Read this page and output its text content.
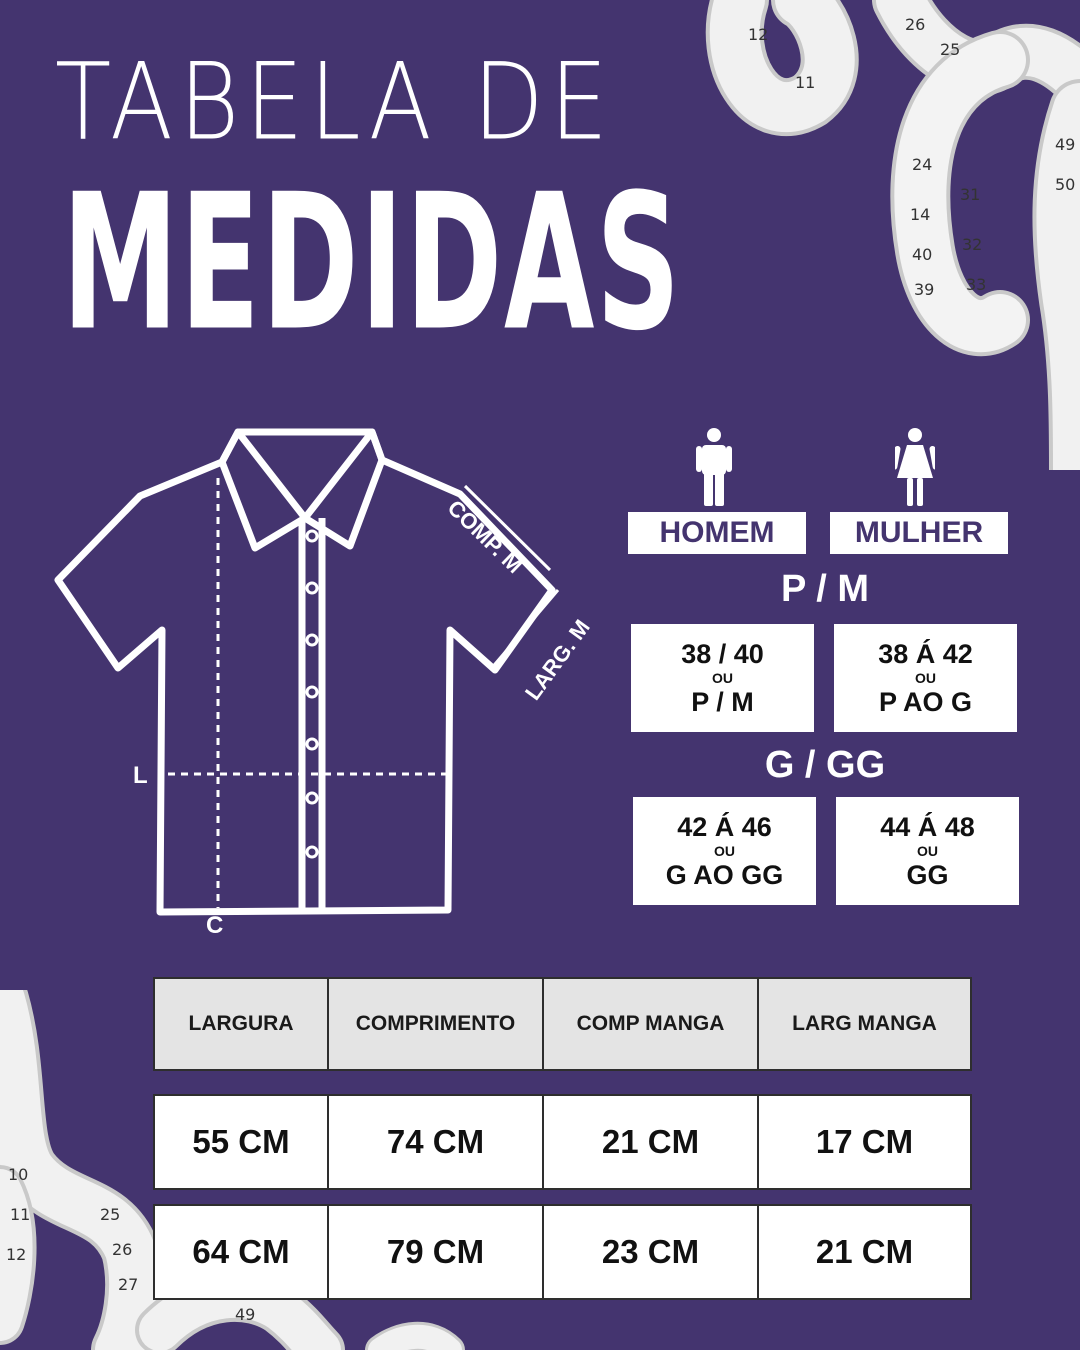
12
11
26
25
24
14
40
39
31
32
33
49
50
10
11
12
25
26
27
49
TABELA DE
MEDIDAS
COMP. M
LARG. M
L
C
HOMEM	MULHER
P / M
38 / 40
OU
P / M
38 Á 42
OU
P AO G
G / GG
42 Á 46
OU
G AO GG
44 Á 48
OU
GG
LARGURA	COMPRIMENTO	COMP MANGA	LARG MANGA
55 CM	74 CM	21 CM	17 CM
64 CM	79 CM	23 CM	21 CM
